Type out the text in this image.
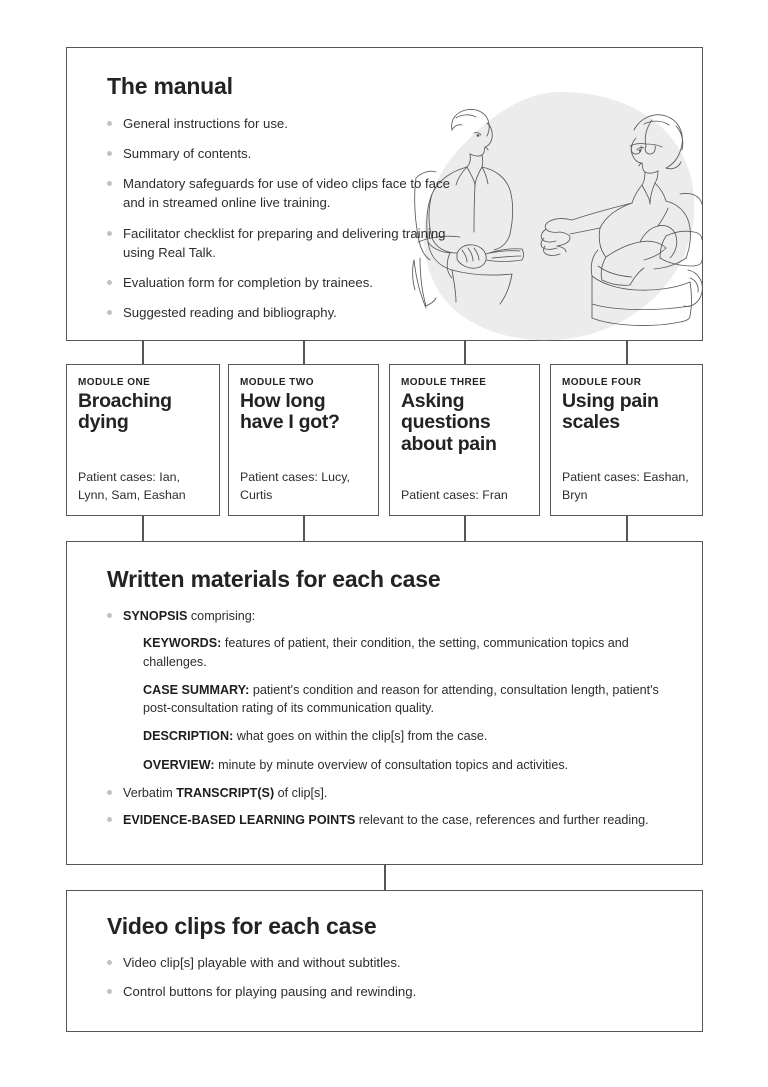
The manual
General instructions for use.
Summary of contents.
Mandatory safeguards for use of video clips face to face and in streamed online live training.
Facilitator checklist for preparing and delivering training using Real Talk.
Evaluation form for completion by trainees.
Suggested reading and bibliography.
MODULE ONE
Broaching dying
Patient cases: Ian, Lynn, Sam, Eashan
MODULE TWO
How long have I got?
Patient cases: Lucy, Curtis
MODULE THREE
Asking questions about pain
Patient cases: Fran
MODULE FOUR
Using pain scales
Patient cases: Eashan, Bryn
Written materials for each case
SYNOPSIS comprising:
KEYWORDS: features of patient, their condition, the setting, communication topics and challenges.
CASE SUMMARY: patient's condition and reason for attending, consultation length, patient's post-consultation rating of its communication quality.
DESCRIPTION: what goes on within the clip[s] from the case.
OVERVIEW: minute by minute overview of consultation topics and activities.
Verbatim TRANSCRIPT(S) of clip[s].
EVIDENCE-BASED LEARNING POINTS relevant to the case, references and further reading.
Video clips for each case
Video clip[s] playable with and without subtitles.
Control buttons for playing pausing and rewinding.
